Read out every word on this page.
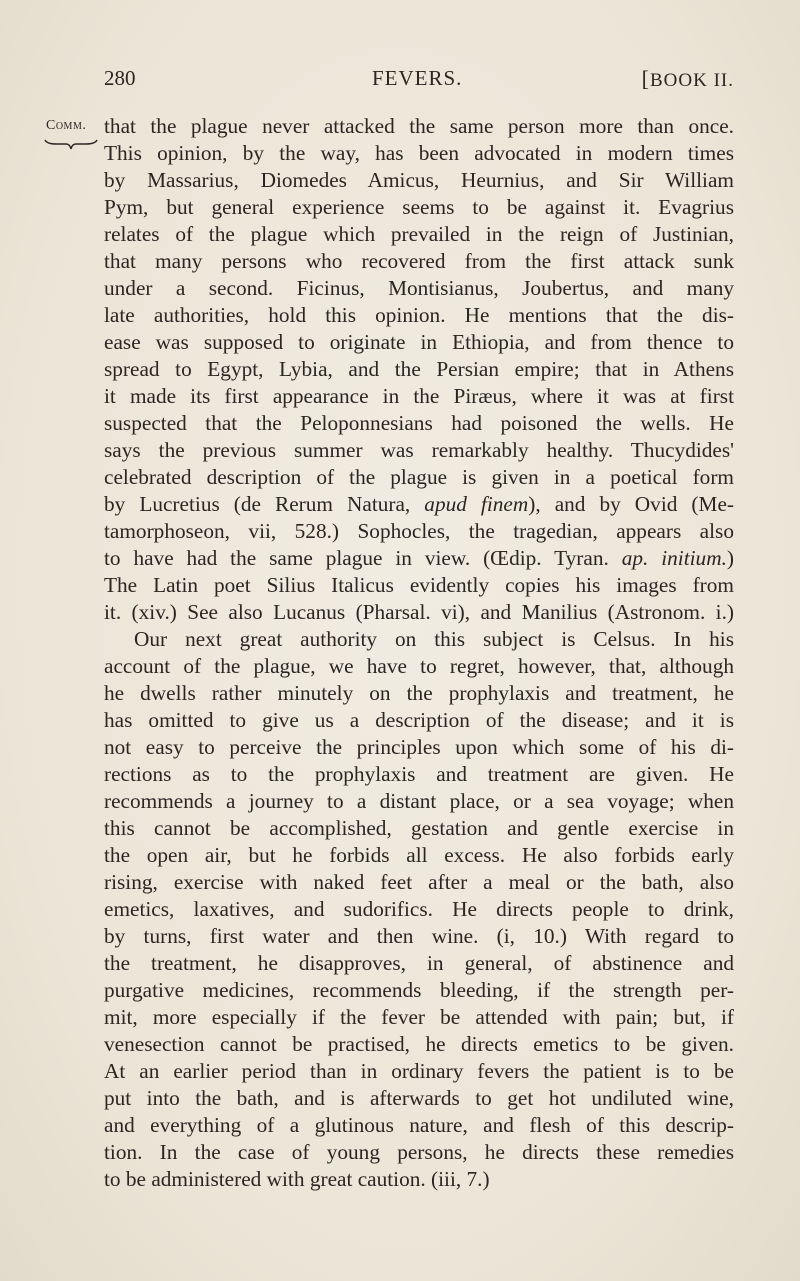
280	FEVERS.	[BOOK II.
Comm. that the plague never attacked the same person more than once.
This opinion, by the way, has been advocated in modern times
by Massarius, Diomedes Amicus, Heurnius, and Sir William
Pym, but general experience seems to be against it. Evagrius
relates of the plague which prevailed in the reign of Justinian,
that many persons who recovered from the first attack sunk
under a second. Ficinus, Montisianus, Joubertus, and many
late authorities, hold this opinion. He mentions that the dis-
ease was supposed to originate in Ethiopia, and from thence to
spread to Egypt, Lybia, and the Persian empire; that in Athens
it made its first appearance in the Piræus, where it was at first
suspected that the Peloponnesians had poisoned the wells. He
says the previous summer was remarkably healthy. Thucydides'
celebrated description of the plague is given in a poetical form
by Lucretius (de Rerum Natura, apud finem), and by Ovid (Me-
tamorphoseon, vii, 528.) Sophocles, the tragedian, appears also
to have had the same plague in view. (Œdip. Tyran. ap. initium.)
The Latin poet Silius Italicus evidently copies his images from
it. (xiv.) See also Lucanus (Pharsal. vi), and Manilius (Astronom. i.)
Our next great authority on this subject is Celsus. In his
account of the plague, we have to regret, however, that, although
he dwells rather minutely on the prophylaxis and treatment, he
has omitted to give us a description of the disease; and it is
not easy to perceive the principles upon which some of his di-
rections as to the prophylaxis and treatment are given. He
recommends a journey to a distant place, or a sea voyage; when
this cannot be accomplished, gestation and gentle exercise in
the open air, but he forbids all excess. He also forbids early
rising, exercise with naked feet after a meal or the bath, also
emetics, laxatives, and sudorifics. He directs people to drink,
by turns, first water and then wine. (i, 10.) With regard to
the treatment, he disapproves, in general, of abstinence and
purgative medicines, recommends bleeding, if the strength per-
mit, more especially if the fever be attended with pain; but, if
venesection cannot be practised, he directs emetics to be given.
At an earlier period than in ordinary fevers the patient is to be
put into the bath, and is afterwards to get hot undiluted wine,
and everything of a glutinous nature, and flesh of this descrip-
tion. In the case of young persons, he directs these remedies
to be administered with great caution. (iii, 7.)
